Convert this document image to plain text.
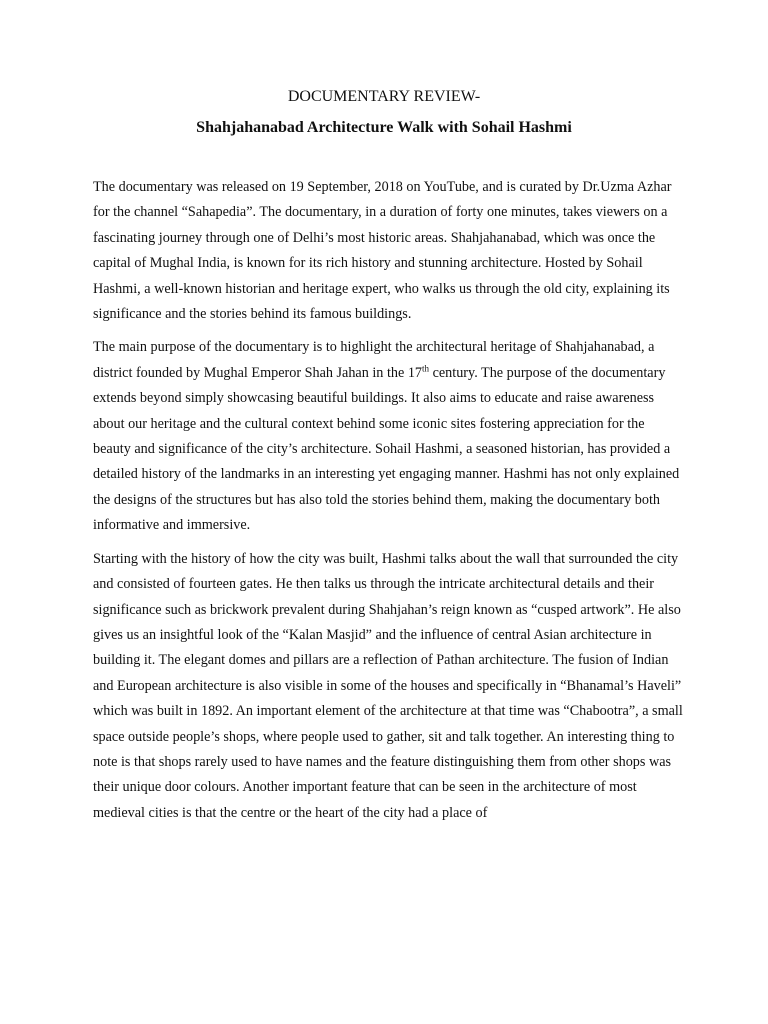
DOCUMENTARY REVIEW-
Shahjahanabad Architecture Walk with Sohail Hashmi

The documentary was released on 19 September, 2018 on YouTube, and is curated by Dr.Uzma Azhar for the channel “Sahapedia”. The documentary, in a duration of forty one minutes, takes viewers on a fascinating journey through one of Delhi’s most historic areas. Shahjahanabad, which was once the capital of Mughal India, is known for its rich history and stunning architecture. Hosted by Sohail Hashmi, a well-known historian and heritage expert, who walks us through the old city, explaining its significance and the stories behind its famous buildings.

The main purpose of the documentary is to highlight the architectural heritage of Shahjahanabad, a district founded by Mughal Emperor Shah Jahan in the 17th century. The purpose of the documentary extends beyond simply showcasing beautiful buildings. It also aims to educate and raise awareness about our heritage and the cultural context behind some iconic sites fostering appreciation for the beauty and significance of the city’s architecture. Sohail Hashmi, a seasoned historian, has provided a detailed history of the landmarks in an interesting yet engaging manner. Hashmi has not only explained the designs of the structures but has also told the stories behind them, making the documentary both informative and immersive.

Starting with the history of how the city was built, Hashmi talks about the wall that surrounded the city and consisted of fourteen gates. He then talks us through the intricate architectural details and their significance such as brickwork prevalent during Shahjahan’s reign known as “cusped artwork”. He also gives us an insightful look of the “Kalan Masjid” and the influence of central Asian architecture in building it. The elegant domes and pillars are a reflection of Pathan architecture. The fusion of Indian and European architecture is also visible in some of the houses and specifically in “Bhanamal’s Haveli” which was built in 1892. An important element of the architecture at that time was “Chabootra”, a small space outside people’s shops, where people used to gather, sit and talk together. An interesting thing to note is that shops rarely used to have names and the feature distinguishing them from other shops was their unique door colours. Another important feature that can be seen in the architecture of most medieval cities is that the centre or the heart of the city had a place of
